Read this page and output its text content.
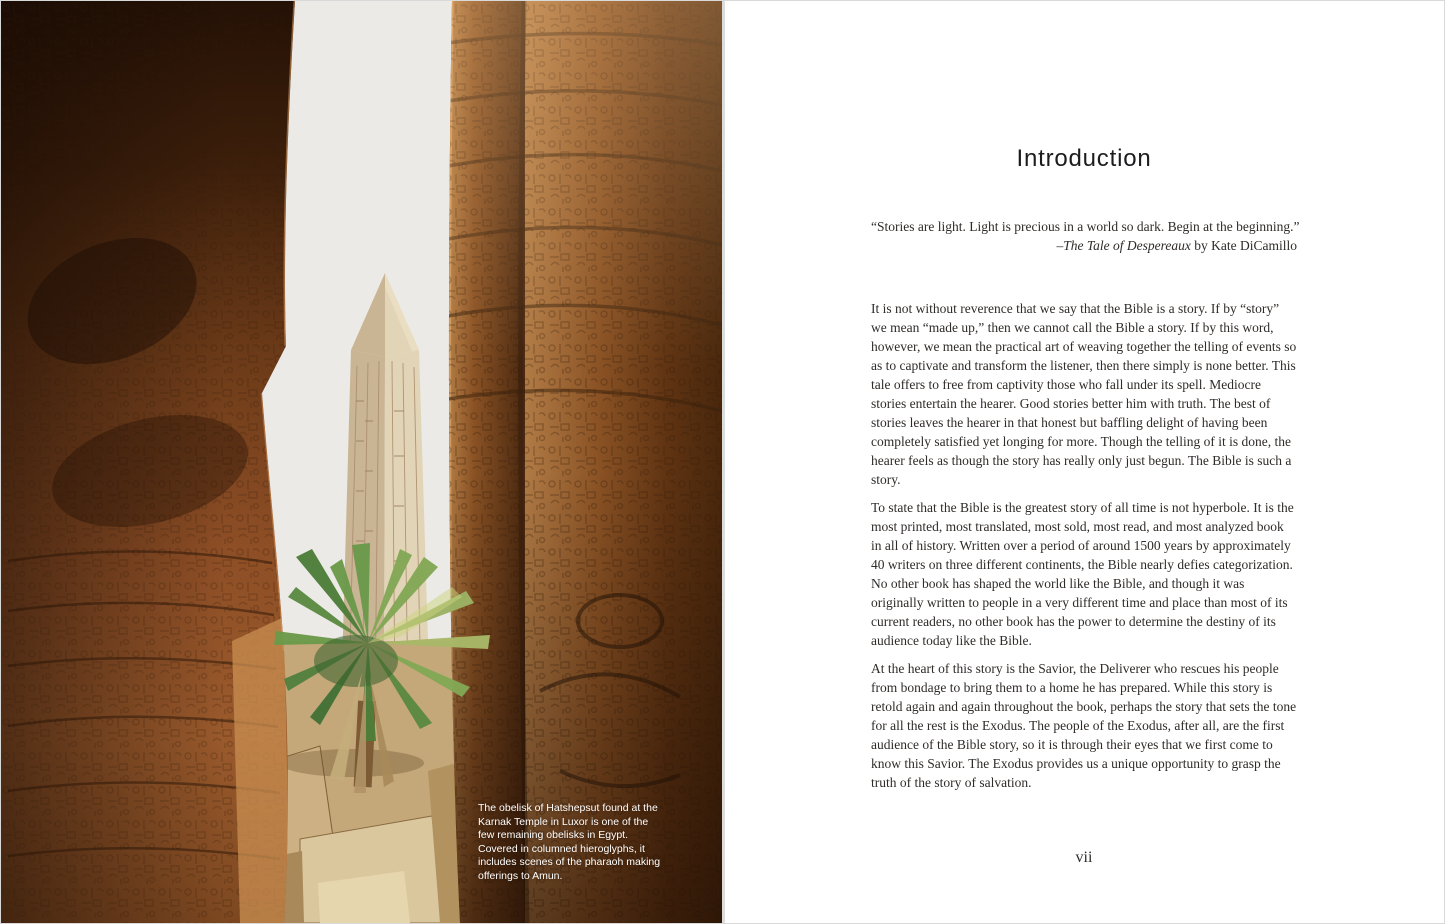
The obelisk of Hatshepsut found at the Karnak Temple in Luxor is one of the few remaining obelisks in Egypt. Covered in columned hieroglyphs, it includes scenes of the pharaoh making offerings to Amun.
Introduction
“Stories are light. Light is precious in a world so dark. Begin at the beginning.”
–The Tale of Despereaux by Kate DiCamillo

It is not without reverence that we say that the Bible is a story. If by “story” we mean “made up,” then we cannot call the Bible a story. If by this word, however, we mean the practical art of weaving together the telling of events so as to captivate and transform the listener, then there simply is none better. This tale offers to free from captivity those who fall under its spell. Mediocre stories entertain the hearer. Good stories better him with truth. The best of stories leaves the hearer in that honest but baffling delight of having been completely satisfied yet longing for more. Though the telling of it is done, the hearer feels as though the story has really only just begun. The Bible is such a story.

To state that the Bible is the greatest story of all time is not hyperbole. It is the most printed, most translated, most sold, most read, and most analyzed book in all of history. Written over a period of around 1500 years by approximately 40 writers on three different continents, the Bible nearly defies categorization. No other book has shaped the world like the Bible, and though it was originally written to people in a very different time and place than most of its current readers, no other book has the power to determine the destiny of its audience today like the Bible.

At the heart of this story is the Savior, the Deliverer who rescues his people from bondage to bring them to a home he has prepared. While this story is retold again and again throughout the book, perhaps the story that sets the tone for all the rest is the Exodus. The people of the Exodus, after all, are the first audience of the Bible story, so it is through their eyes that we first come to know this Savior. The Exodus provides us a unique opportunity to grasp the truth of the story of salvation.

vii
